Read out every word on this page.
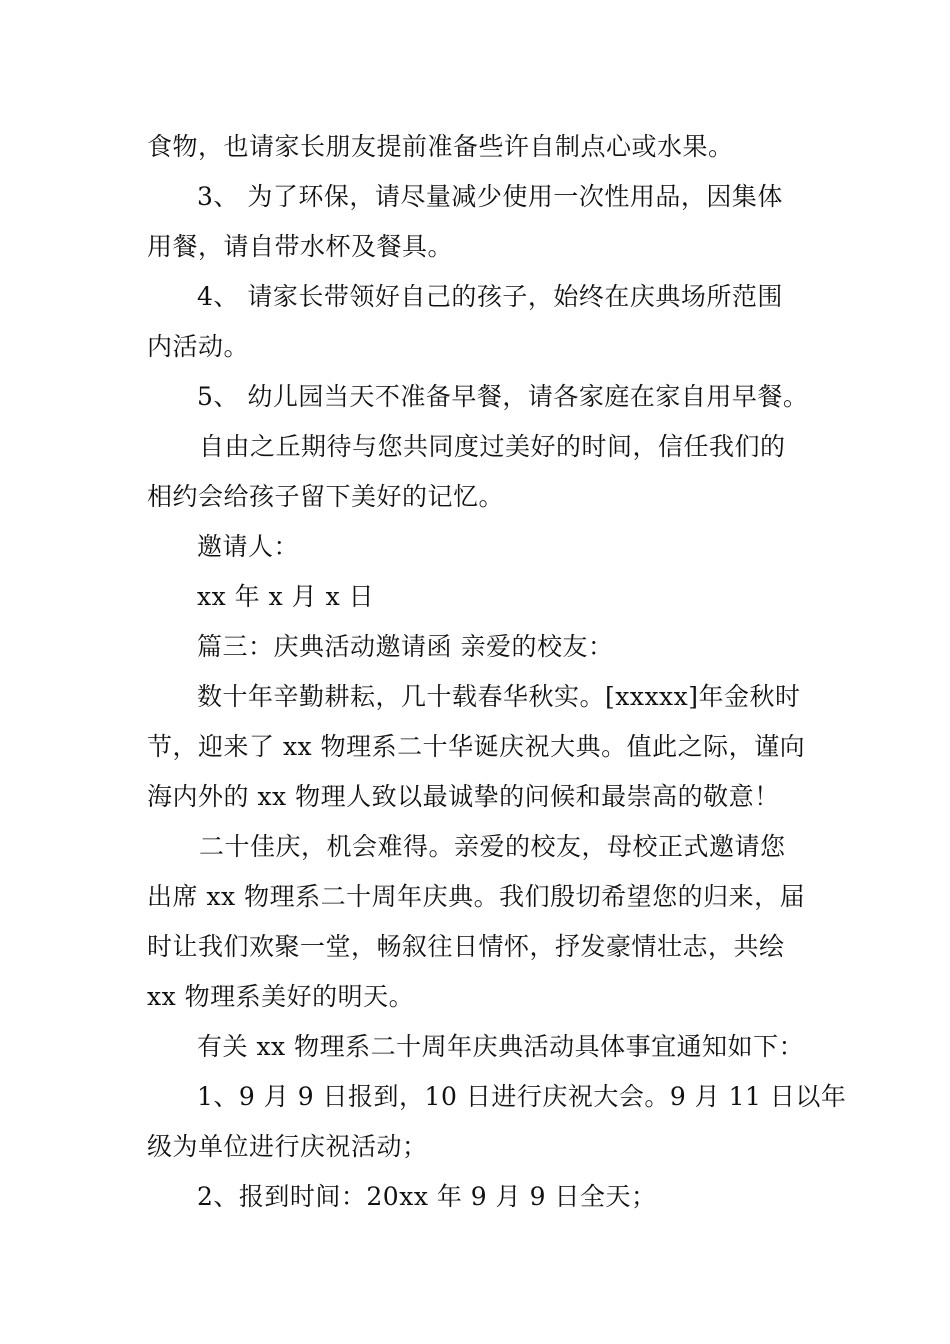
食物，也请家长朋友提前准备些许自制点心或水果。
3、 为了环保，请尽量减少使用一次性用品，因集体
用餐，请自带水杯及餐具。
4、 请家长带领好自己的孩子，始终在庆典场所范围
内活动。
5、 幼儿园当天不准备早餐，请各家庭在家自用早餐。
自由之丘期待与您共同度过美好的时间，信任我们的
相约会给孩子留下美好的记忆。
邀请人：
xx 年 x 月 x 日
篇三：庆典活动邀请函 亲爱的校友：
数十年辛勤耕耘，几十载春华秋实。[xxxxx]年金秋时
节，迎来了 xx 物理系二十华诞庆祝大典。值此之际，谨向
海内外的 xx 物理人致以最诚挚的问候和最崇高的敬意！
二十佳庆，机会难得。亲爱的校友，母校正式邀请您
出席 xx 物理系二十周年庆典。我们殷切希望您的归来，届
时让我们欢聚一堂，畅叙往日情怀，抒发豪情壮志，共绘
xx 物理系美好的明天。
有关 xx 物理系二十周年庆典活动具体事宜通知如下：
1、9 月 9 日报到，10 日进行庆祝大会。9 月 11 日以年
级为单位进行庆祝活动；
2、报到时间：20xx 年 9 月 9 日全天；
